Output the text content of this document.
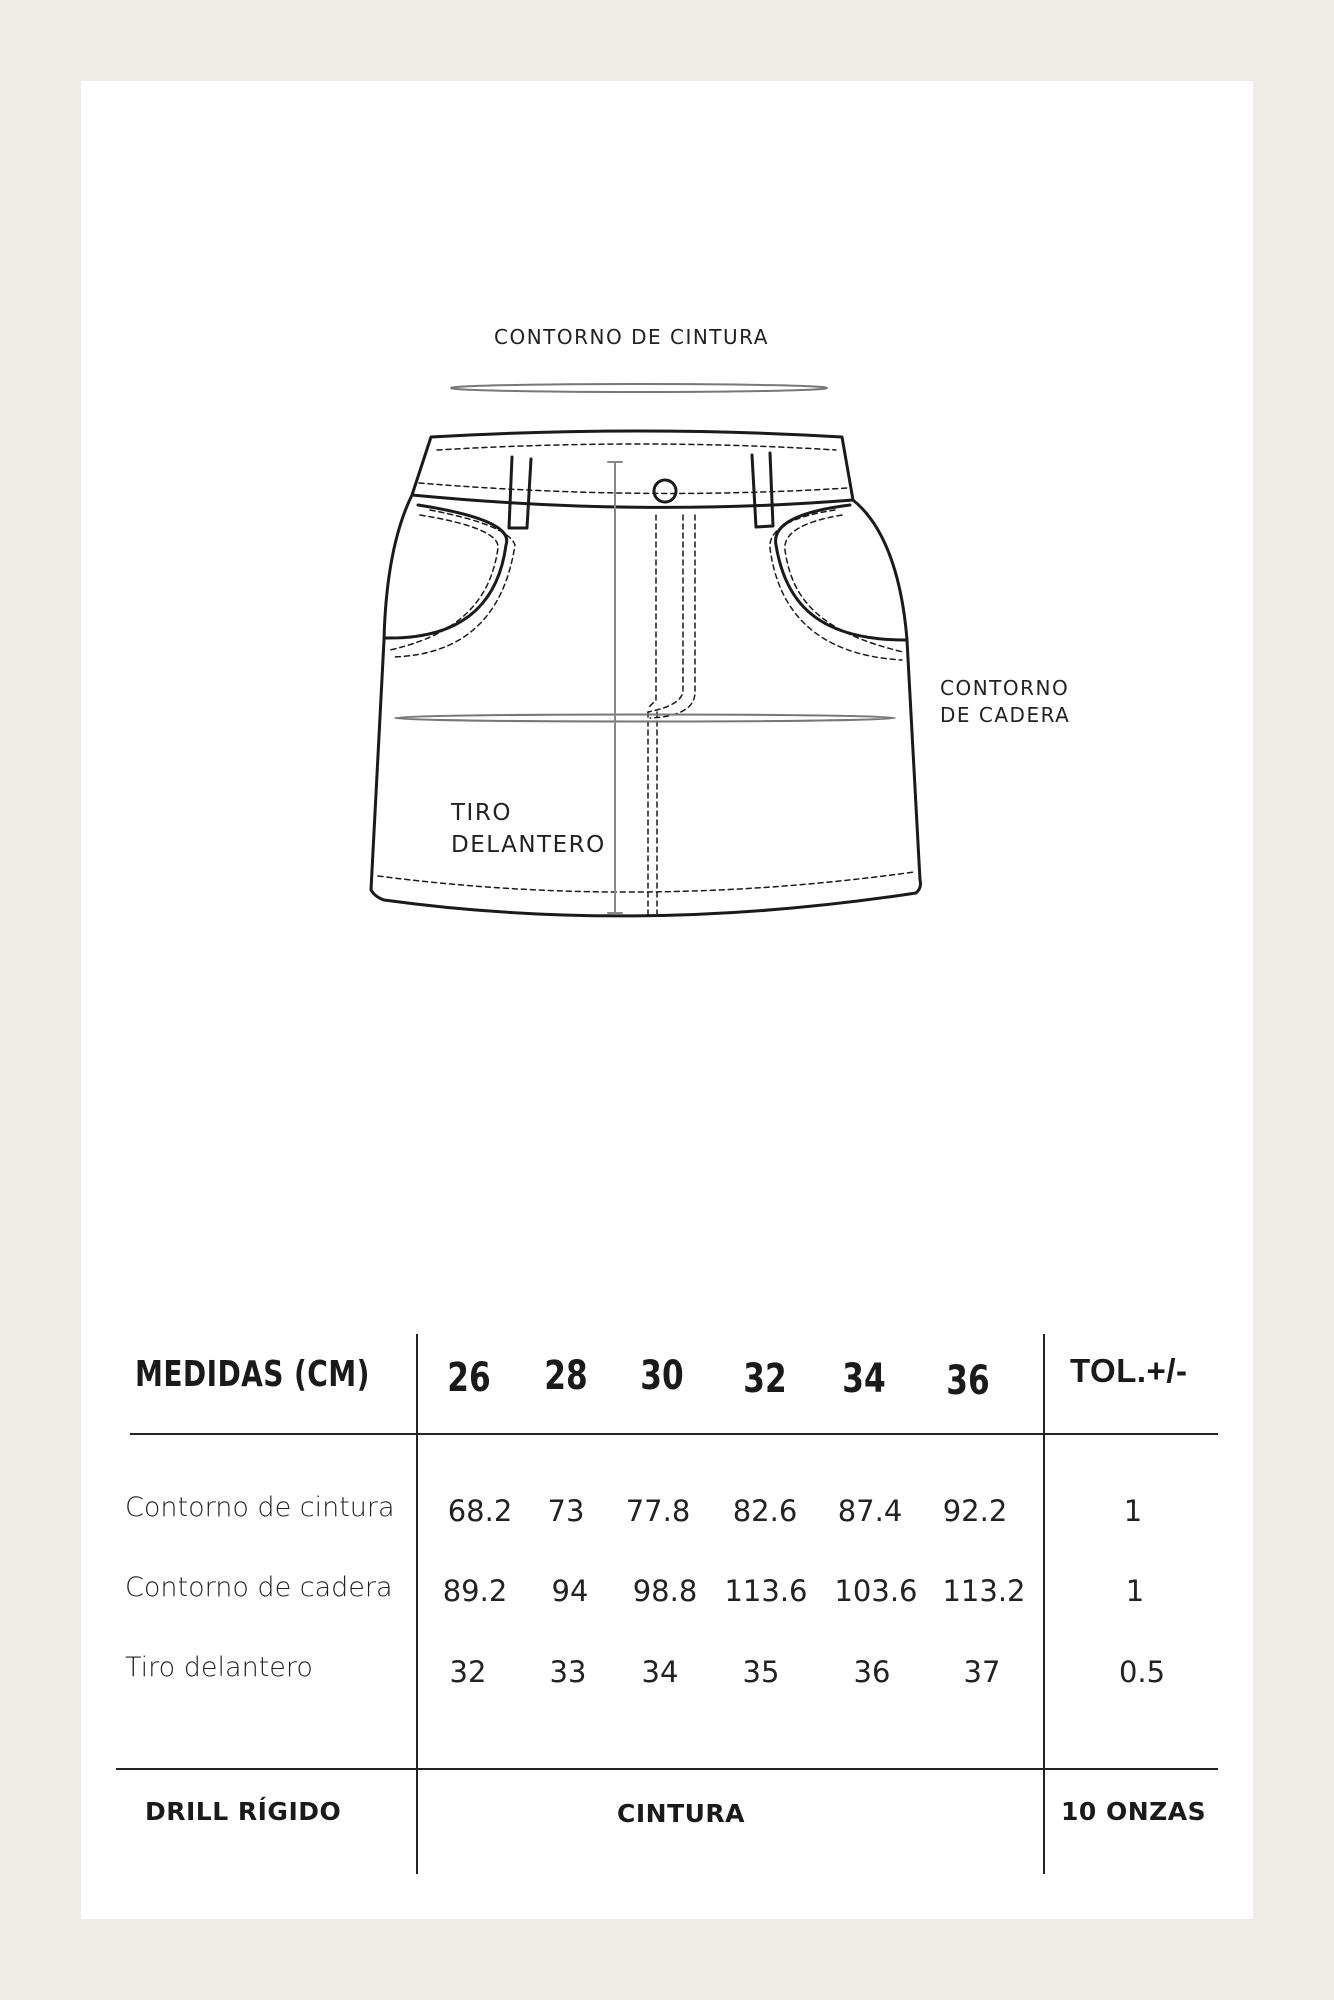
CONTORNO DE CINTURA
CONTORNO
DE CADERA
TIRO
DELANTERO
MEDIDAS (CM) 26 28 30 32 34 36 TOL.+/-
Contorno de cintura	68.2	73	77.8	82.6	87.4	92.2	1
Contorno de cadera	89.2	94	98.8 113.6 103.6 113.2	1
Tiro delantero	32	33	34	35	36	37	0.5
DRILL RÍGIDO	CINTURA	10 ONZAS
